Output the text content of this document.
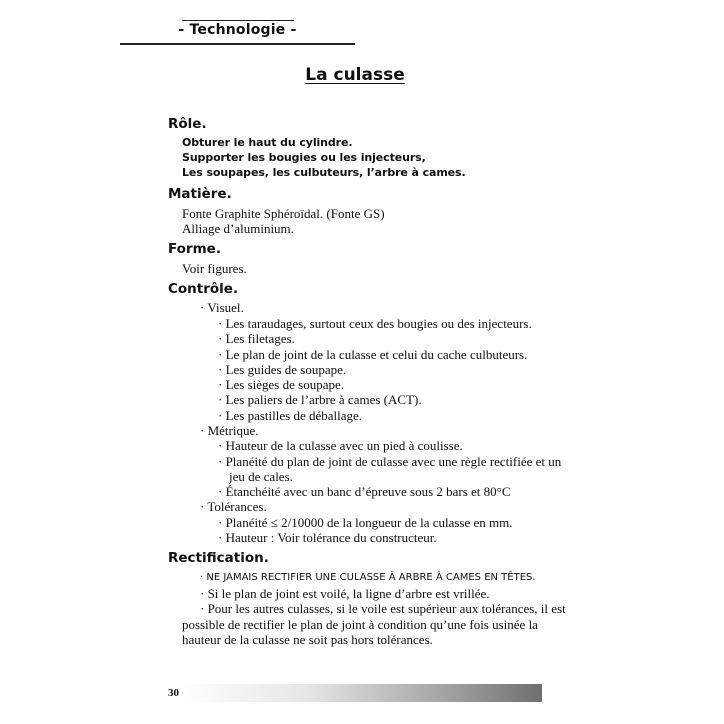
- Technologie -
La culasse
Rôle.
Obturer le haut du cylindre.
Supporter les bougies ou les injecteurs,
Les soupapes, les culbuteurs, l’arbre à cames.
Matière.
Fonte Graphite Sphéroïdal. (Fonte GS)
Alliage d’aluminium.
Forme.
Voir figures.
Contrôle.
· Visuel.
· Les taraudages, surtout ceux des bougies ou des injecteurs.
· Les filetages.
· Le plan de joint de la culasse et celui du cache culbuteurs.
· Les guides de soupape.
· Les sièges de soupape.
· Les paliers de l’arbre à cames (ACT).
· Les pastilles de déballage.
· Métrique.
· Hauteur de la culasse avec un pied à coulisse.
· Planéité du plan de joint de culasse avec une règle rectifiée et un
jeu de cales.
· Étanchéité avec un banc d’épreuve sous 2 bars et 80°C
· Tolérances.
· Planéité ≤ 2/10000 de la longueur de la culasse en mm.
· Hauteur : Voir tolérance du constructeur.
Rectification.
· NE JAMAIS RECTIFIER UNE CULASSE À ARBRE À CAMES EN TÊTES.
· Si le plan de joint est voilé, la ligne d’arbre est vrillée.
· Pour les autres culasses, si le voile est supérieur aux tolérances, il est
possible de rectifier le plan de joint à condition qu’une fois usinée la
hauteur de la culasse ne soit pas hors tolérances.
30
